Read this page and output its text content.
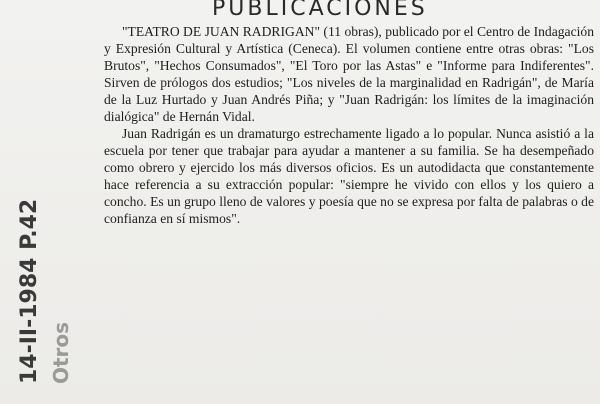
14-II-1984 P.42 Otros
PUBLICACIONES

"TEATRO DE JUAN RADRIGAN" (11 obras), publicado por el Centro de Indagación y Expresión Cultural y Artística (Ceneca). El volumen contiene entre otras obras: "Los Brutos", "Hechos Consumados", "El Toro por las Astas" e "Informe para Indiferentes". Sirven de prólogos dos estudios; "Los niveles de la marginalidad en Radrigán", de María de la Luz Hurtado y Juan Andrés Piña; y "Juan Radrigán: los límites de la imaginación dialógica" de Hernán Vidal.

Juan Radrigán es un dramaturgo estrechamente ligado a lo popular. Nunca asistió a la escuela por tener que trabajar para ayudar a mantener a su familia. Se ha desempeñado como obrero y ejercido los más diversos oficios. Es un autodidacta que constantemente hace referencia a su extracción popular: "siempre he vivido con ellos y los quiero a concho. Es un grupo lleno de valores y poesía que no se expresa por falta de palabras o de confianza en sí mismos".
